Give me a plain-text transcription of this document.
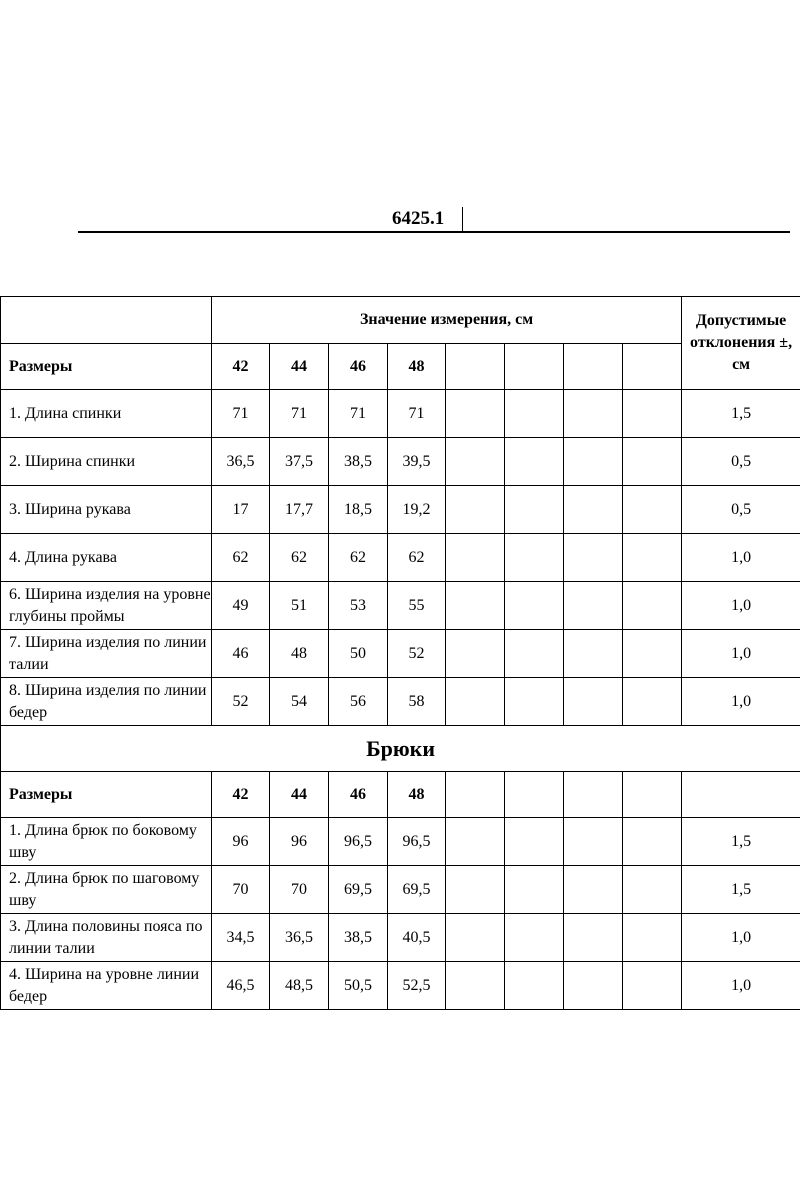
6425.1
	Значение измерения, см								Допустимые отклонения ±, см
Размеры	42	44	46	48					
1. Длина спинки	71	71	71	71					1,5
2. Ширина спинки	36,5	37,5	38,5	39,5					0,5
3. Ширина рукава	17	17,7	18,5	19,2					0,5
4. Длина рукава	62	62	62	62					1,0
6. Ширина изделия на уровне глубины проймы	49	51	53	55					1,0
7. Ширина изделия по линии талии	46	48	50	52					1,0
8. Ширина изделия по линии бедер	52	54	56	58					1,0
Брюки									
Размеры	42	44	46	48					
1. Длина брюк по боковому шву	96	96	96,5	96,5					1,5
2. Длина брюк по шаговому шву	70	70	69,5	69,5					1,5
3. Длина половины пояса по линии талии	34,5	36,5	38,5	40,5					1,0
4. Ширина на уровне линии бедер	46,5	48,5	50,5	52,5					1,0
